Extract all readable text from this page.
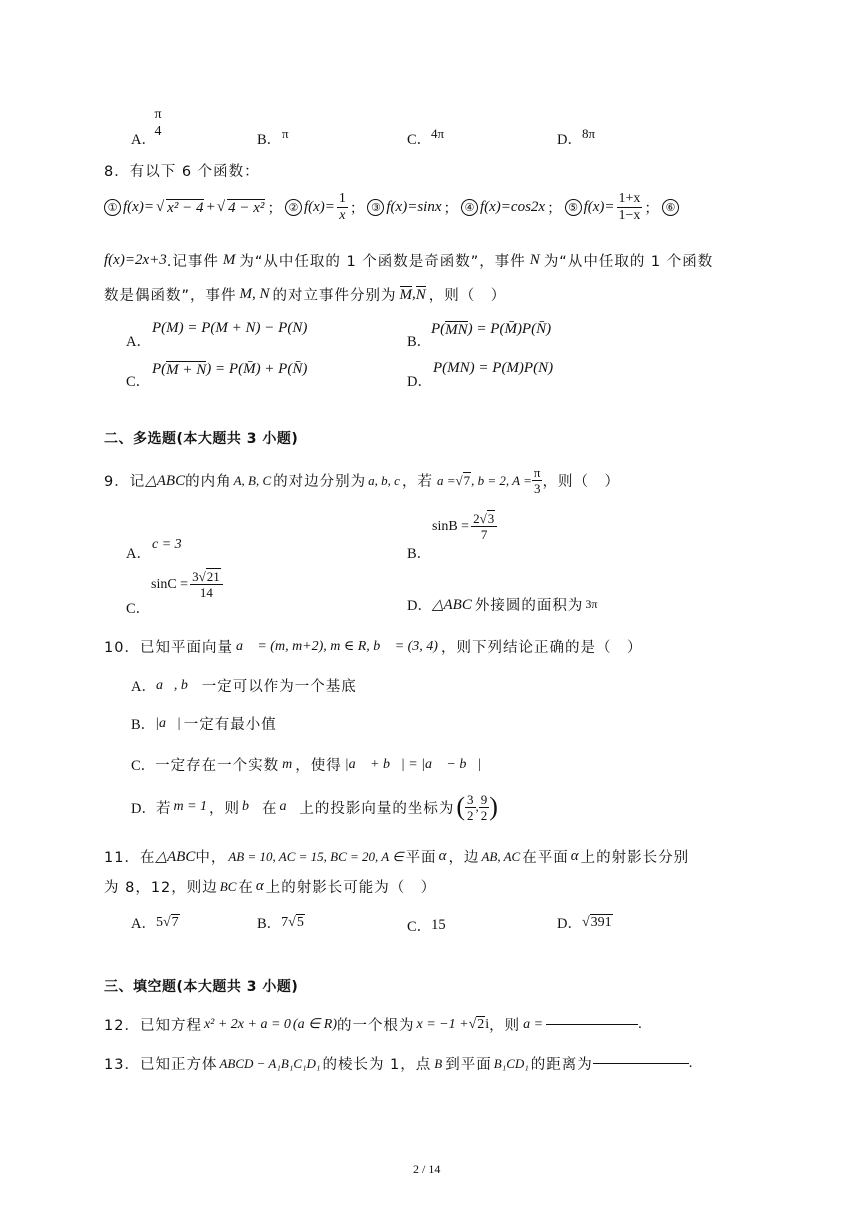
A．
π
4
B． π	C． 4π	D． 8π
8．有以下 6 个函数：
① f(x)= √ x² − 4 + √ 4 − x² ； ② $f(x)= \frac{1}{x}$ ； ③ f(x)=sinx ； ④ f(x)=cos2x ； ⑤ $f(x)= \frac{1+x}{1-x}$ ； ⑥
f(x)=2x+3 .记事件 M 为“从中任取的 1 个函数是奇函数”，事件 N 为“从中任取的 1 个函数
数是偶函数”，事件 M, N 的对立事件分别为 M , N ，则（　）
A．
P(M) = P(M + N) − P(N)
B．
P( MN ) = P(M̄)P(N̄)
C．
P( M + N ) = P(M̄) + P(N̄)
D．
P(MN) = P(M)P(N)
二、多选题(本大题共 3 小题)
9．记 △ABC 的内角 A, B, C 的对边分别为 a, b, c ，若 a = √ 7 , b = 2, $A = \frac{\pi}{3}$ ，则（　）
A．
c = 3
B．
$\sin B = \frac{2√3}{7}$
C．
$\sin C = \frac{3√21}{14}$
D． △ABC 外接圆的面积为 3π
10．已知平面向量 a⃗ = (m, m+2), m ∈ R, b⃗ = (3, 4) ，则下列结论正确的是（　）
A． a⃗, b⃗ 一定可以作为一个基底
B． |a⃗| 一定有最小值
C． 一定存在一个实数 m ，使得 |a⃗ + b⃗| = |a⃗ − b⃗|
D． 若 m = 1 ，则 b⃗ 在 a⃗ 上的投影向量的坐标为 ( $\frac{3}{2}$ , $\frac{9}{2}$ )
11．在 △ABC 中， AB = 10, AC = 15, BC = 20, A ∈ 平面 α ，边 AB, AC 在平面 α 上的射影长分别
为 8，12，则边 BC 在 α 上的射影长可能为（　）
A． 5 √ 7	B． 7 √ 5	C． 15	D． √ 391
三、填空题(本大题共 3 小题)
12．已知方程 x² + 2x + a = 0 (a ∈ R) 的一个根为 x = −1 + √ 2 i ，则 a =	.
13．已知正方体 ABCD − A₁B₁C₁D₁ 的棱长为 1，点 B 到平面 B₁CD₁ 的距离为	.
2 / 14
